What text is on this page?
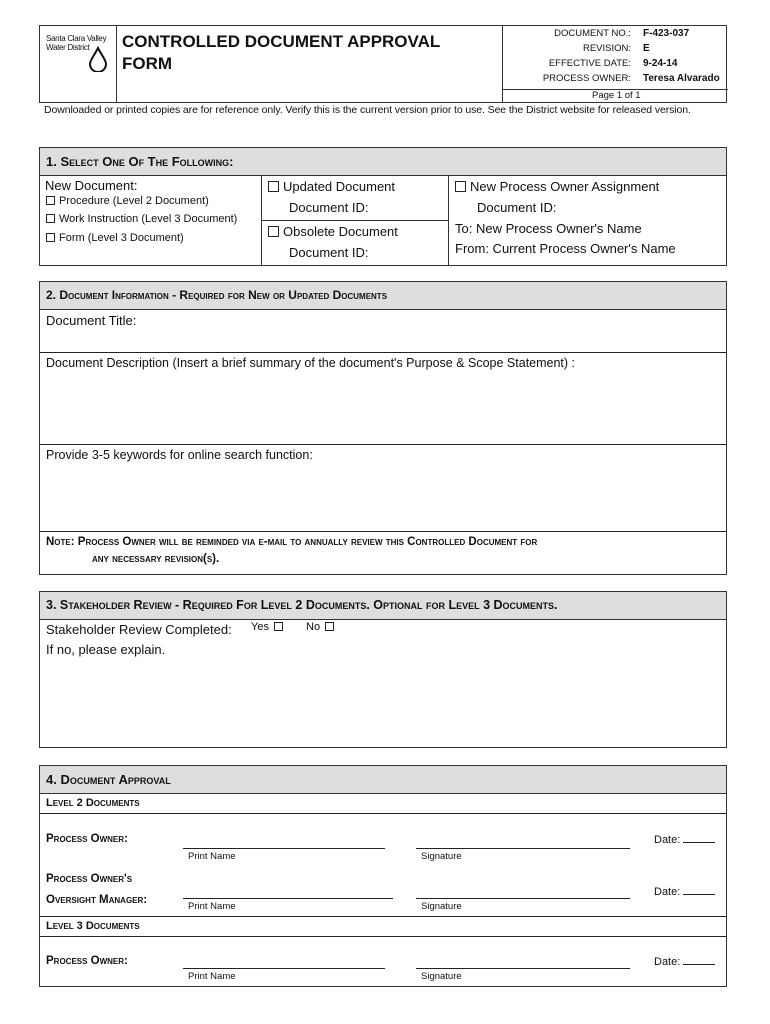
Santa Clara Valley
Water District CONTROLLED DOCUMENT APPROVAL
FORM
DOCUMENT NO.: F-423-037
REVISION: E
EFFECTIVE DATE: 9-24-14
PROCESS OWNER: Teresa Alvarado
Page 1 of 1
Downloaded or printed copies are for reference only. Verify this is the current version prior to use. See the District website for released version.
1. Select One Of The Following:
New Document:
Procedure (Level 2 Document)
Work Instruction (Level 3 Document)
Form (Level 3 Document)
Updated Document
Document ID:
Obsolete Document
Document ID:
New Process Owner Assignment
Document ID:
To: New Process Owner's Name
From: Current Process Owner's Name
2. Document Information - Required for New or Updated Documents
Document Title:
Document Description (Insert a brief summary of the document's Purpose & Scope Statement) :
Provide 3-5 keywords for online search function:
Note: Process Owner will be reminded via e-mail to annually review this Controlled Document for
any necessary revision(s).
3. Stakeholder Review - Required For Level 2 Documents. Optional for Level 3 Documents.
Stakeholder Review Completed: Yes	No
If no, please explain.
4. Document Approval
Level 2 Documents
Process Owner:
Print Name	Signature
Date:
Process Owner's
Oversight Manager:
Print Name	Signature
Date:
Level 3 Documents
Process Owner:
Print Name	Signature
Date:
